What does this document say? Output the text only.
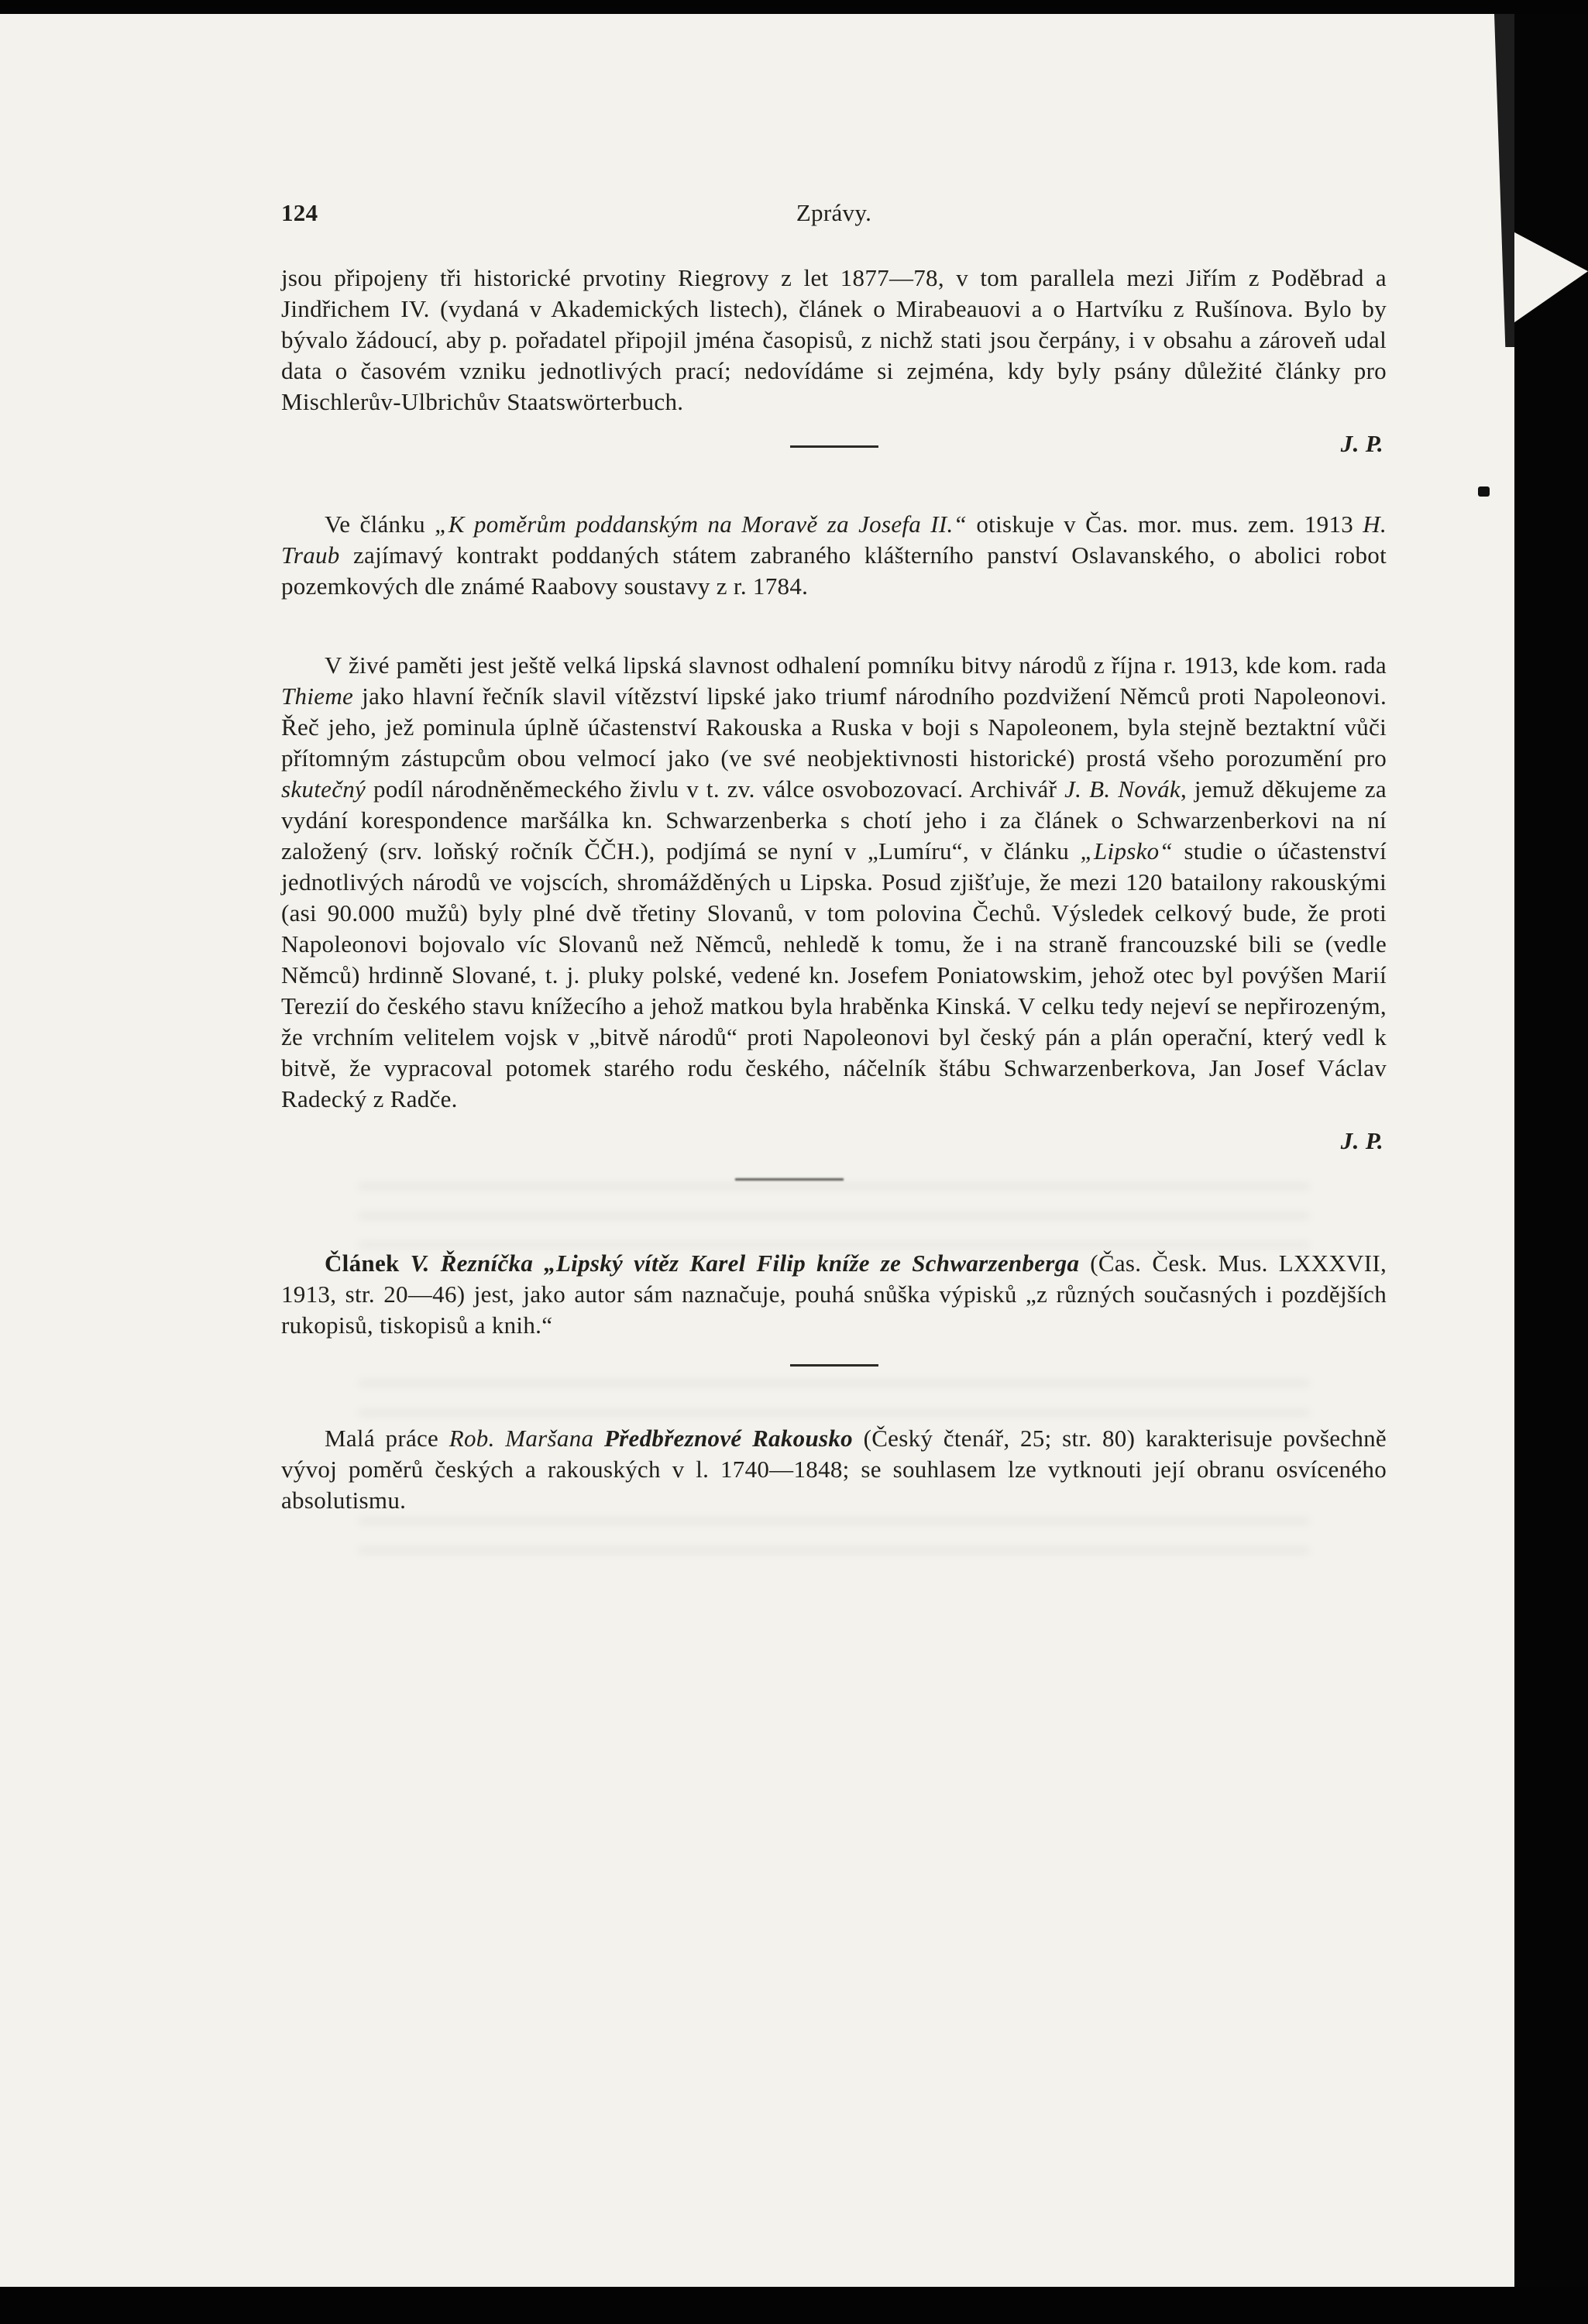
124	Zprávy.
jsou připojeny tři historické prvotiny Riegrovy z let 1877—78, v tom parallela mezi Jiřím z Poděbrad a Jindřichem IV. (vydaná v Akademických listech), článek o Mirabeauovi a o Hartvíku z Rušínova. Bylo by bývalo žádoucí, aby p. pořadatel připojil jména časopisů, z nichž stati jsou čerpány, i v obsahu a zároveň udal data o časovém vzniku jednotlivých prací; nedovídáme si zejména, kdy byly psány důležité články pro Mischlerův-Ulbrichův Staatswörterbuch.
J. P.
Ve článku „K poměrům poddanským na Moravě za Josefa II.“ otiskuje v Čas. mor. mus. zem. 1913 H. Traub zajímavý kontrakt poddaných státem zabraného klášterního panství Oslavanského, o abolici robot pozemkových dle známé Raabovy soustavy z r. 1784.
V živé paměti jest ještě velká lipská slavnost odhalení pomníku bitvy národů z října r. 1913, kde kom. rada Thieme jako hlavní řečník slavil vítězství lipské jako triumf národního pozdvižení Němců proti Napoleonovi. Řeč jeho, jež pominula úplně účastenství Rakouska a Ruska v boji s Napoleonem, byla stejně beztaktní vůči přítomným zástupcům obou velmocí jako (ve své neobjektivnosti historické) prostá všeho porozumění pro skutečný podíl národněněmeckého živlu v t. zv. válce osvobozovací. Archivář J. B. Novák, jemuž děkujeme za vydání korespondence maršálka kn. Schwarzenberka s chotí jeho i za článek o Schwarzenberkovi na ní založený (srv. loňský ročník ČČH.), podjímá se nyní v „Lumíru“, v článku „Lipsko“ studie o účastenství jednotlivých národů ve vojscích, shromážděných u Lipska. Posud zjišťuje, že mezi 120 batailony rakouskými (asi 90.000 mužů) byly plné dvě třetiny Slovanů, v tom polovina Čechů. Výsledek celkový bude, že proti Napoleonovi bojovalo víc Slovanů než Němců, nehledě k tomu, že i na straně francouzské bili se (vedle Němců) hrdinně Slované, t. j. pluky polské, vedené kn. Josefem Poniatowskim, jehož otec byl povýšen Marií Terezií do českého stavu knížecího a jehož matkou byla hraběnka Kinská. V celku tedy nejeví se nepřirozeným, že vrchním velitelem vojsk v „bitvě národů“ proti Napoleonovi byl český pán a plán operační, který vedl k bitvě, že vypracoval potomek starého rodu českého, náčelník štábu Schwarzenberkova, Jan Josef Václav Radecký z Radče.
J. P.
Článek V. Řezníčka „Lipský vítěz Karel Filip kníže ze Schwarzenberga (Čas. Česk. Mus. LXXXVII, 1913, str. 20—46) jest, jako autor sám naznačuje, pouhá snůška výpisků „z různých současných i pozdějších rukopisů, tiskopisů a knih.“
Malá práce Rob. Maršana Předbřeznové Rakousko (Český čtenář, 25; str. 80) karakterisuje povšechně vývoj poměrů českých a rakouských v l. 1740—1848; se souhlasem lze vytknouti její obranu osvíceného absolutismu.
